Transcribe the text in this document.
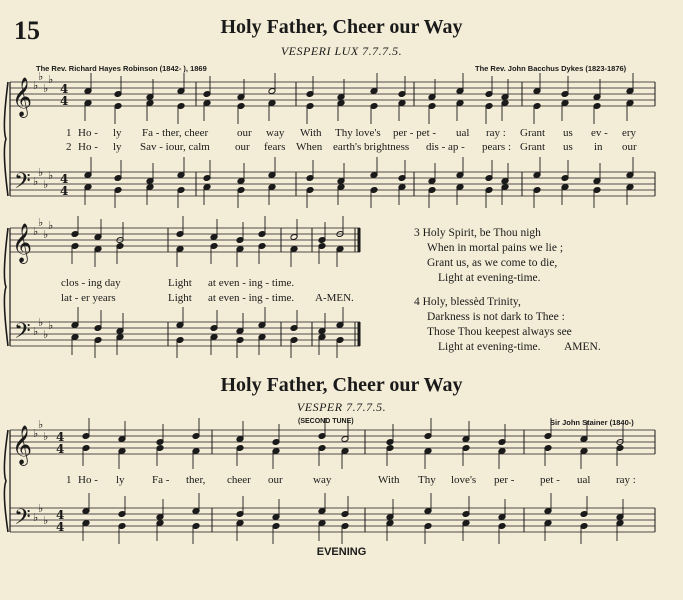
15	Holy Father, Cheer our Way
VESPERI LUX 7.7.7.5.
The Rev. Richard Hayes Robinson (1842- ), 1869	The Rev. John Bacchus Dykes (1823-1876)
1 Ho - ly Fa - ther, cheer	our way With Thy love's per - pet - ual ray : Grant us ev - ery
2 Ho - ly Sav - iour, calm our fears When earth's brightness dis - ap - pears : Grant us in our
clos - ing day	Light at even - ing - time.
lat - er years	Light at even - ing - time. A-MEN.
3 Holy Spirit, be Thou nigh
When in mortal pains we lie ;
Grant us, as we come to die,
Light at evening-time.
4 Holy, blessèd Trinity,
Darkness is not dark to Thee :
Those Thou keepest always see
Light at evening-time. AMEN.
Holy Father, Cheer our Way
VESPER 7.7.7.5.
(SECOND TUNE)	Sir John Stainer (1840-)
1 Ho - ly Fa - ther, cheer our	way	With Thy love's per - pet - ual ray :
EVENING
𝄞
𝄢
♭
♭
♭
♭
♭
♭
♭
♭
4
4
4
4
𝄞
𝄢
♭
♭
♭
♭
♭
♭
♭
♭
𝄞
𝄢
♭
♭
♭
♭
♭
♭
4
4
4
4
